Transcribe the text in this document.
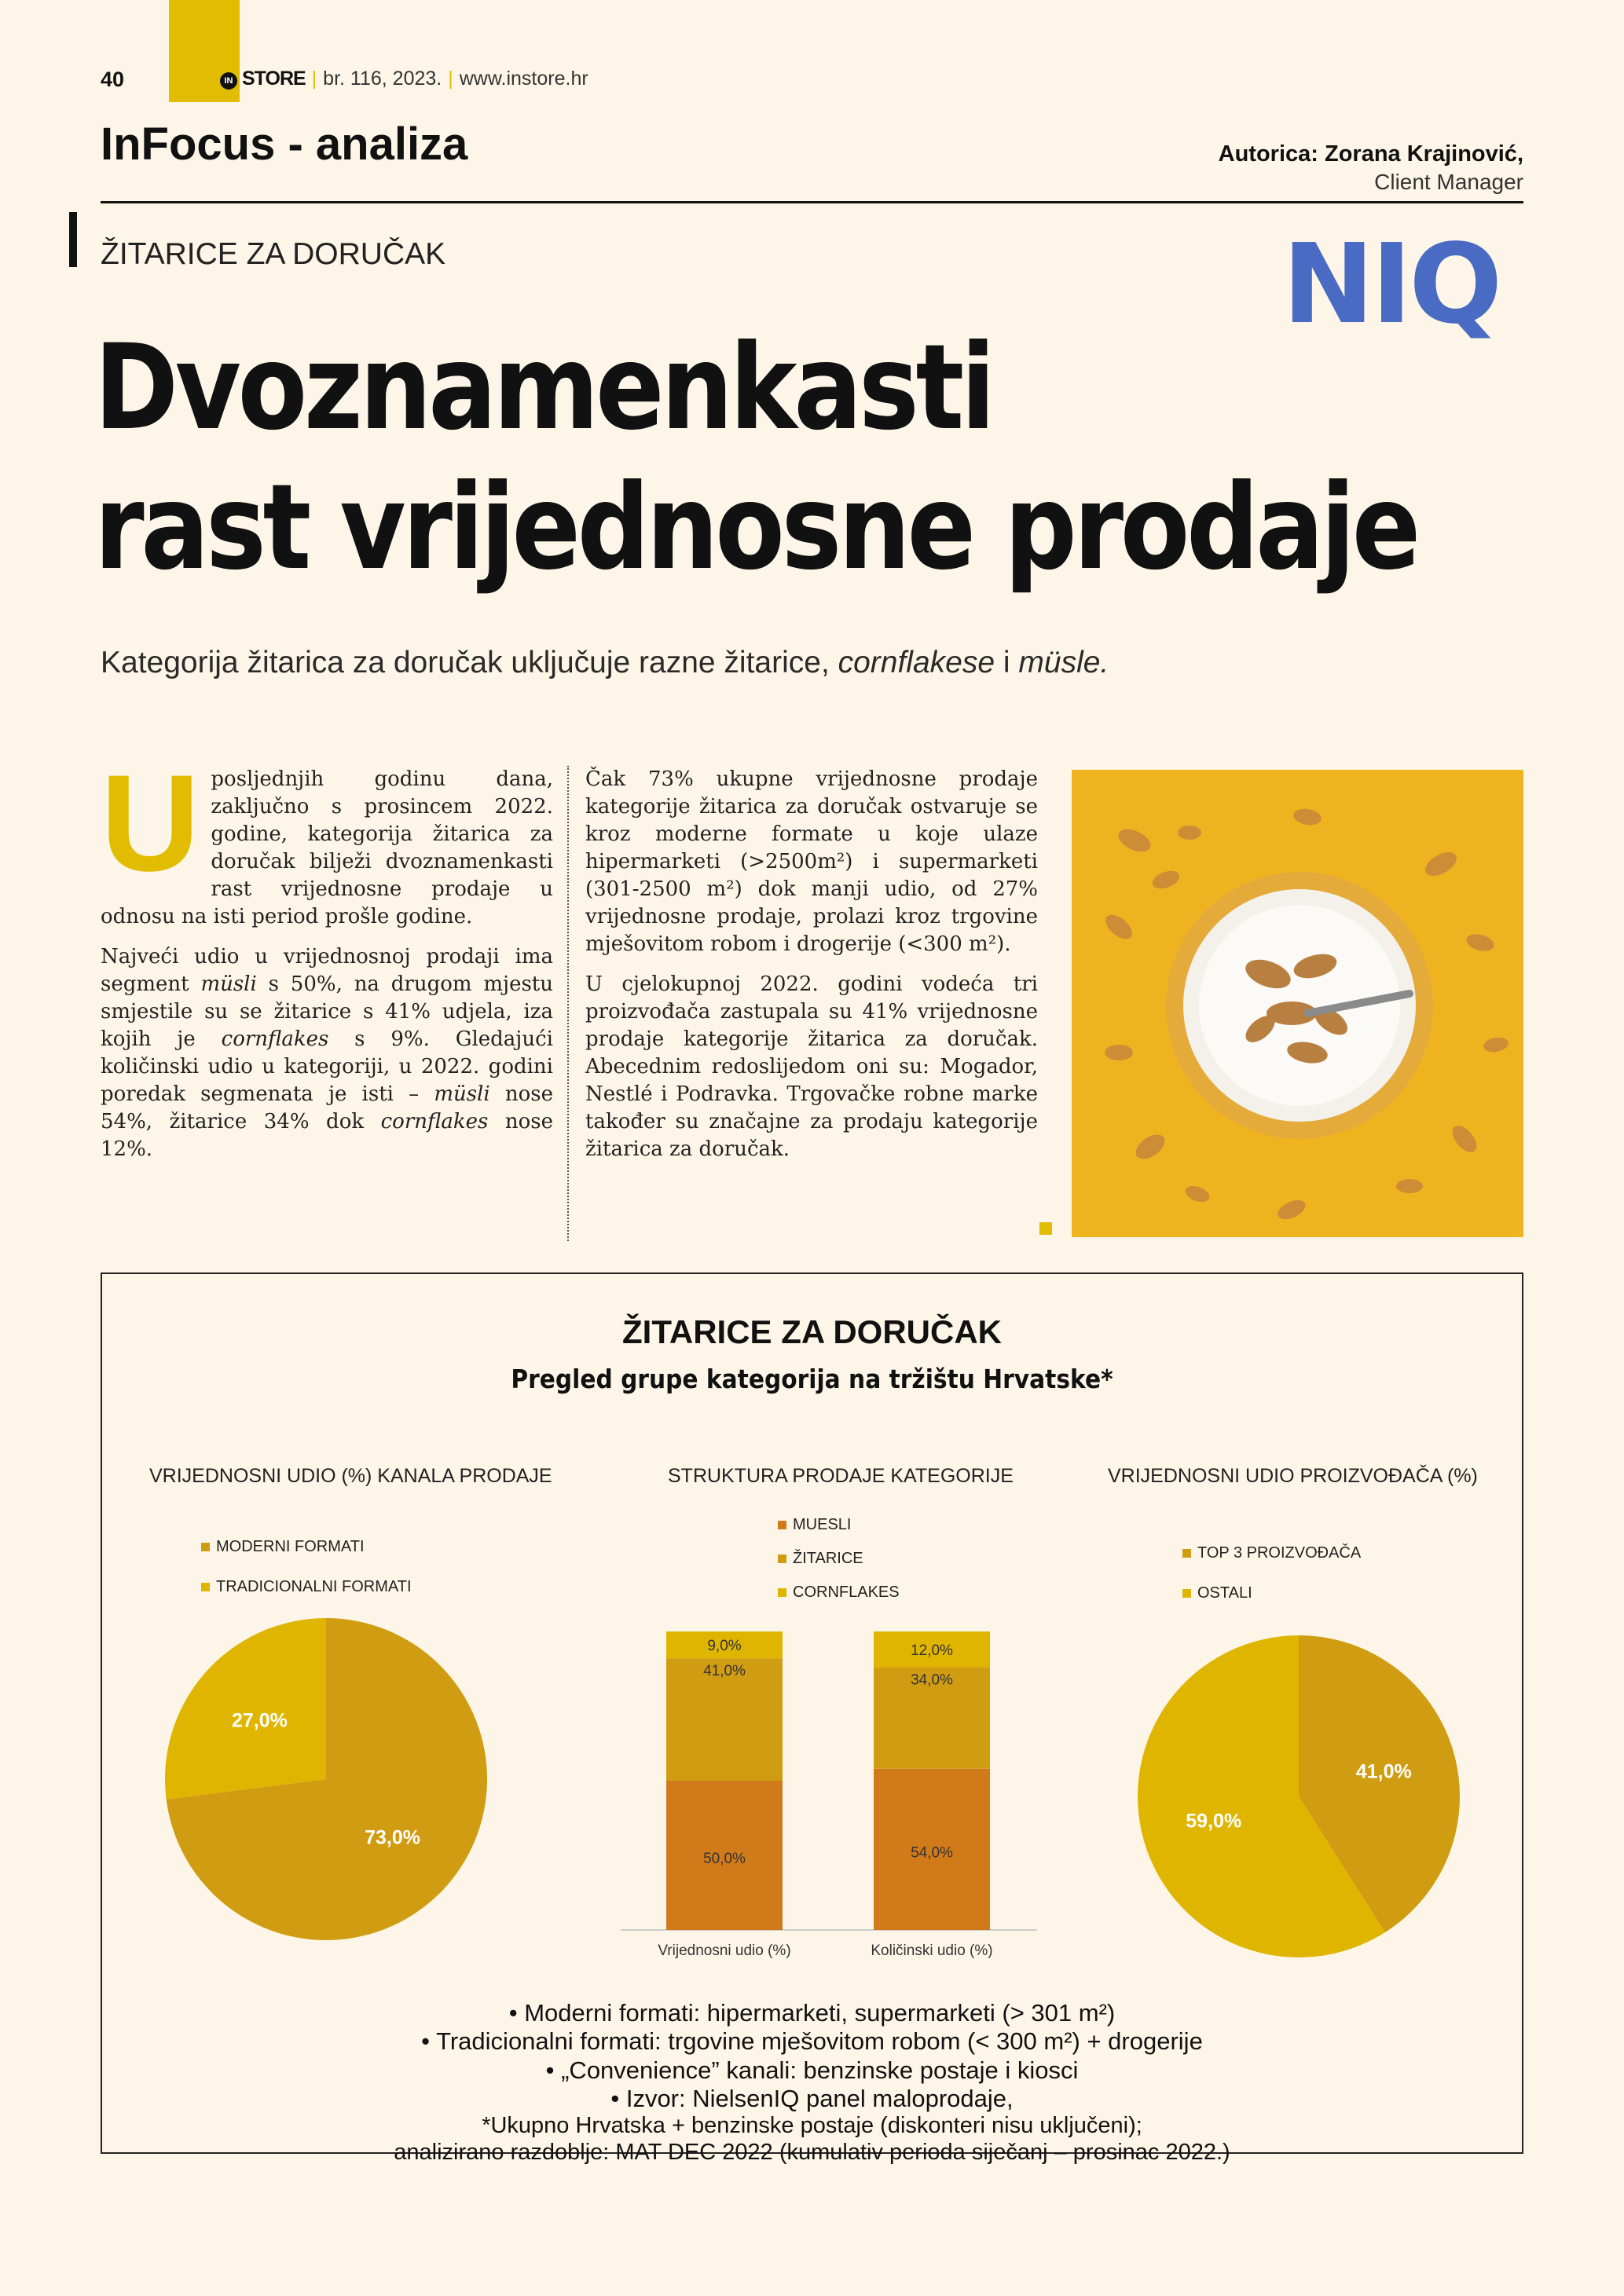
40	IN STORE | br. 116, 2023. | www.instore.hr
InFocus - analiza	Autorica: Zorana Krajinović,
Client Manager
ŽITARICE ZA DORUČAK	NIQ
Dvoznamenkasti
rast vrijednosne prodaje
Kategorija žitarica za doručak uključuje razne žitarice, cornflakese i müsle.

Uposljednjih godinu dana, zaključno s prosincem 2022. godine, kategorija žitarica za doručak bilježi dvoznamenkasti rast vrijednosne prodaje u odnosu na isti period prošle godine.

Najveći udio u vrijednosnoj prodaji ima segment müsli s 50%, na drugom mjestu smjestile su se žitarice s 41% udjela, iza kojih je cornflakes s 9%. Gledajući količinski udio u kategoriji, u 2022. godini poredak segmenata je isti – müsli nose 54%, žitarice 34% dok cornflakes nose 12%.

Čak 73% ukupne vrijednosne prodaje kategorije žitarica za doručak ostvaruje se kroz moderne formate u koje ulaze hipermarketi (>2500m²) i supermarketi (301-2500 m²) dok manji udio, od 27% vrijednosne prodaje, prolazi kroz trgovine mješovitom robom i drogerije (<300 m²).

U cjelokupnoj 2022. godini vodeća tri proizvođača zastupala su 41% vrijednosne prodaje kategorije žitarica za doručak. Abecednim redoslijedom oni su: Mogador, Nestlé i Podravka. Trgovačke robne marke također su značajne za prodaju kategorije žitarica za doručak.

ŽITARICE ZA DORUČAK
Pregled grupe kategorija na tržištu Hrvatske*
VRIJEDNOSNI UDIO (%) KANALA PRODAJE
MODERNI FORMATI
TRADICIONALNI FORMATI
73,0%
27,0%
STRUKTURA PRODAJE KATEGORIJE
MUESLI
ŽITARICE
CORNFLAKES
50,0%
41,0%
9,0%
Vrijednosni udio (%)
54,0%
34,0%
12,0%
Količinski udio (%)
VRIJEDNOSNI UDIO PROIZVOĐAČA (%)
TOP 3 PROIZVOĐAČA
OSTALI
41,0%
59,0%
• Moderni formati: hipermarketi, supermarketi (> 301 m²)
• Tradicionalni formati: trgovine mješovitom robom (< 300 m²) + drogerije
• „Convenience” kanali: benzinske postaje i kiosci
• Izvor: NielsenIQ panel maloprodaje,
*Ukupno Hrvatska + benzinske postaje (diskonteri nisu uključeni);
analizirano razdoblje: MAT DEC 2022 (kumulativ perioda siječanj – prosinac 2022.)
